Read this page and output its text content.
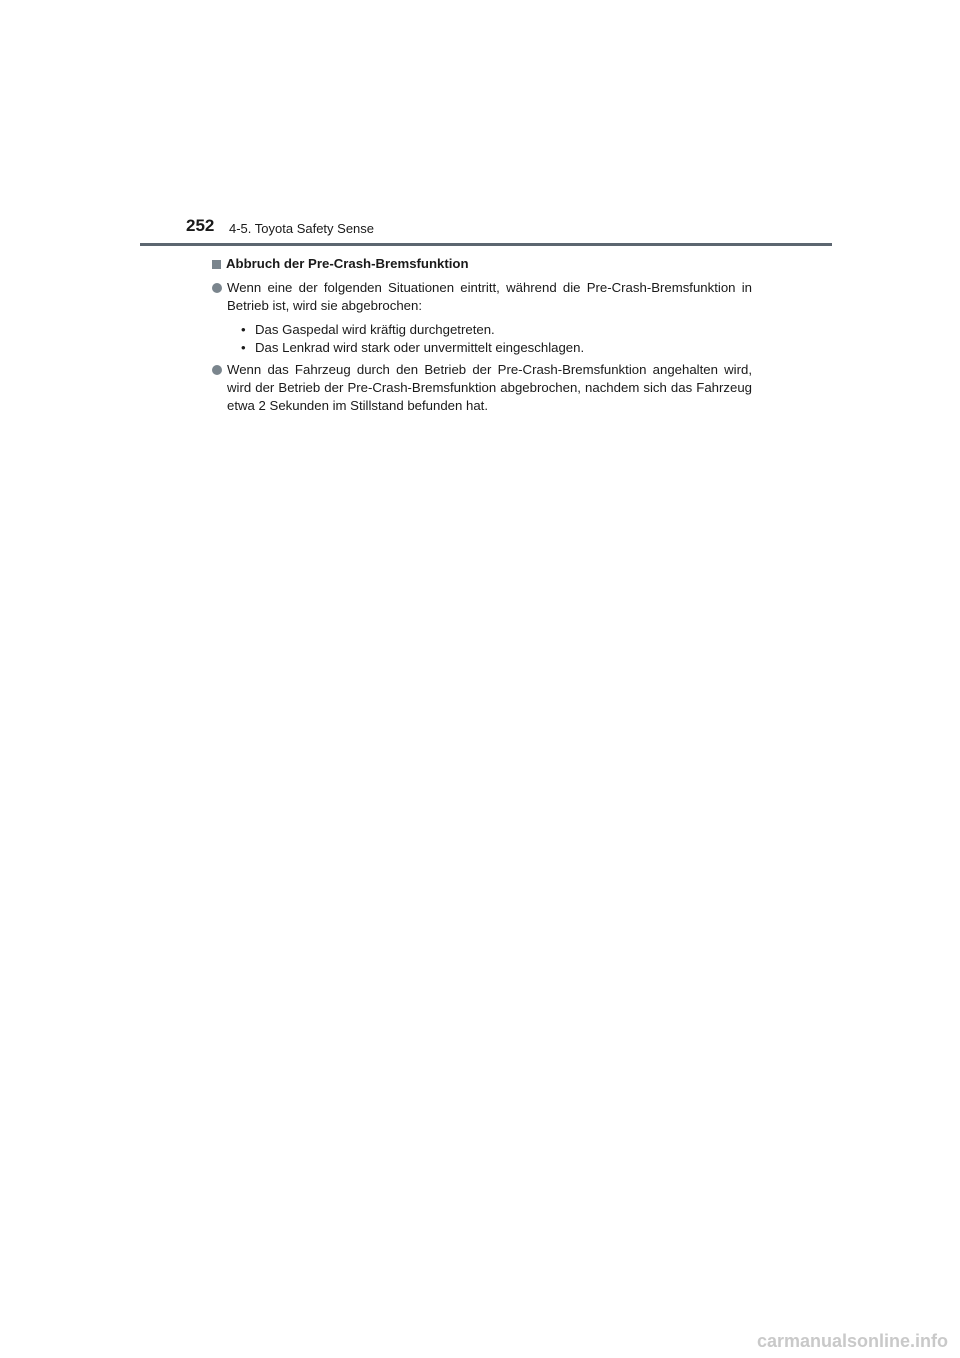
252 4-5. Toyota Safety Sense
Abbruch der Pre-Crash-Bremsfunktion
Wenn eine der folgenden Situationen eintritt, während die Pre-Crash-Bremsfunktion in Betrieb ist, wird sie abgebrochen:
• Das Gaspedal wird kräftig durchgetreten.
• Das Lenkrad wird stark oder unvermittelt eingeschlagen.
Wenn das Fahrzeug durch den Betrieb der Pre-Crash-Bremsfunktion angehalten wird, wird der Betrieb der Pre-Crash-Bremsfunktion abgebrochen, nachdem sich das Fahrzeug etwa 2 Sekunden im Stillstand befunden hat.
carmanualsonline.info
